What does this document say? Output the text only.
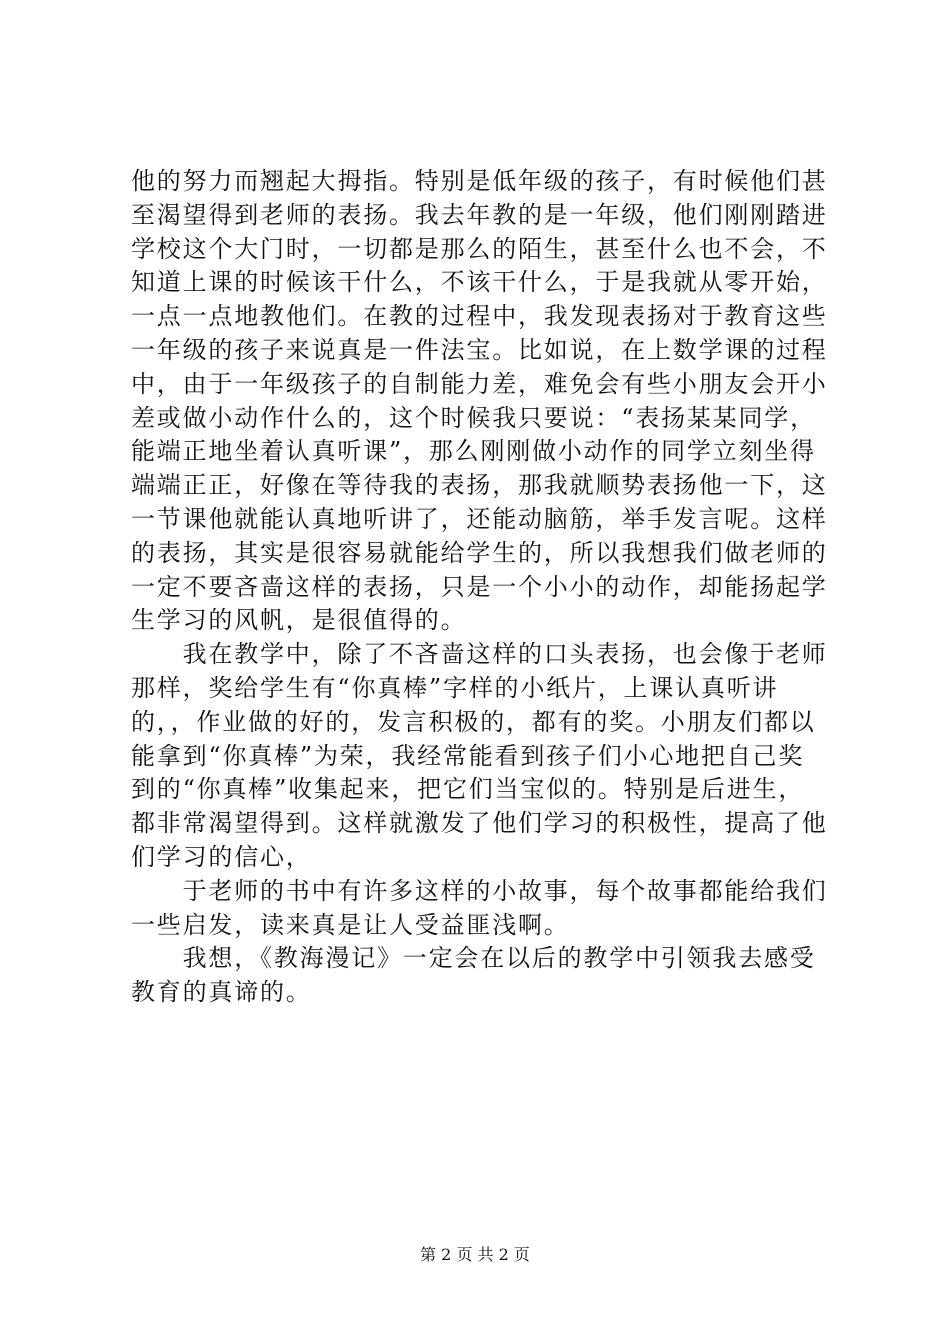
他的努力而翘起大拇指。特别是低年级的孩子，有时候他们甚
至渴望得到老师的表扬。我去年教的是一年级，他们刚刚踏进
学校这个大门时，一切都是那么的陌生，甚至什么也不会，不
知道上课的时候该干什么，不该干什么，于是我就从零开始，
一点一点地教他们。在教的过程中，我发现表扬对于教育这些
一年级的孩子来说真是一件法宝。比如说，在上数学课的过程
中，由于一年级孩子的自制能力差，难免会有些小朋友会开小
差或做小动作什么的，这个时候我只要说：“表扬某某同学，
能端正地坐着认真听课”，那么刚刚做小动作的同学立刻坐得
端端正正，好像在等待我的表扬，那我就顺势表扬他一下，这
一节课他就能认真地听讲了，还能动脑筋，举手发言呢。这样
的表扬，其实是很容易就能给学生的，所以我想我们做老师的
一定不要吝啬这样的表扬，只是一个小小的动作，却能扬起学
生学习的风帆，是很值得的。
　　我在教学中，除了不吝啬这样的口头表扬，也会像于老师
那样，奖给学生有“你真棒”字样的小纸片，上课认真听讲
的，，作业做的好的，发言积极的，都有的奖。小朋友们都以
能拿到“你真棒”为荣，我经常能看到孩子们小心地把自己奖
到的“你真棒”收集起来，把它们当宝似的。特别是后进生，
都非常渴望得到。这样就激发了他们学习的积极性，提高了他
们学习的信心，
　　于老师的书中有许多这样的小故事，每个故事都能给我们
一些启发，读来真是让人受益匪浅啊。
　　我想，《教海漫记》一定会在以后的教学中引领我去感受
教育的真谛的。
第 2 页 共 2 页
